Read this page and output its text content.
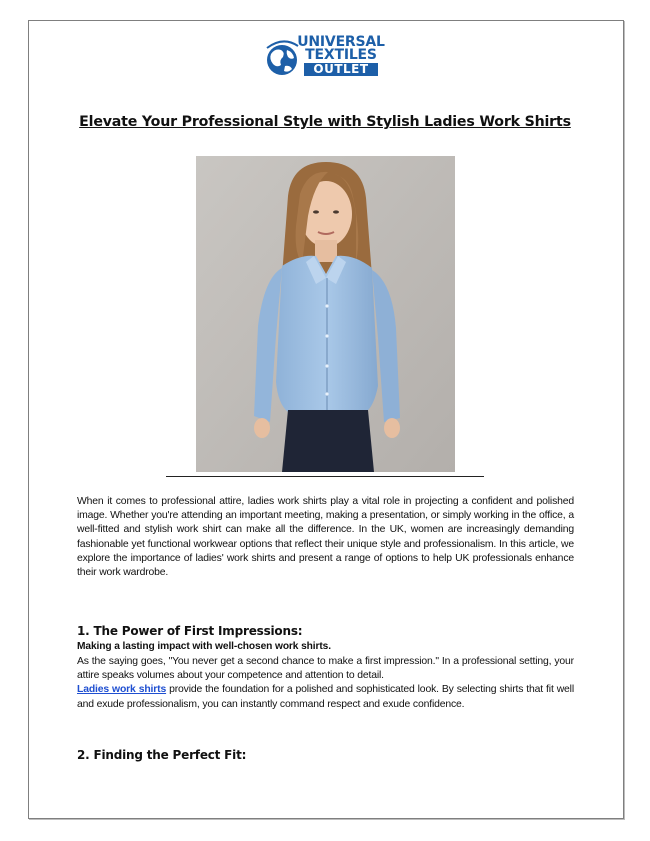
UNIVERSAL
TEXTILES
OUTLET
Elevate Your Professional Style with Stylish Ladies Work Shirts
When it comes to professional attire, ladies work shirts play a vital role in projecting a confident and polished image. Whether you're attending an important meeting, making a presentation, or simply working in the office, a well-fitted and stylish work shirt can make all the difference. In the UK, women are increasingly demanding fashionable yet functional workwear options that reflect their unique style and professionalism. In this article, we explore the importance of ladies' work shirts and present a range of options to help UK professionals enhance their work wardrobe.
1. The Power of First Impressions:
Making a lasting impact with well-chosen work shirts.
As the saying goes, "You never get a second chance to make a first impression." In a professional setting, your attire speaks volumes about your competence and attention to detail.
Ladies work shirts provide the foundation for a polished and sophisticated look. By selecting shirts that fit well and exude professionalism, you can instantly command respect and exude confidence.
2. Finding the Perfect Fit:
